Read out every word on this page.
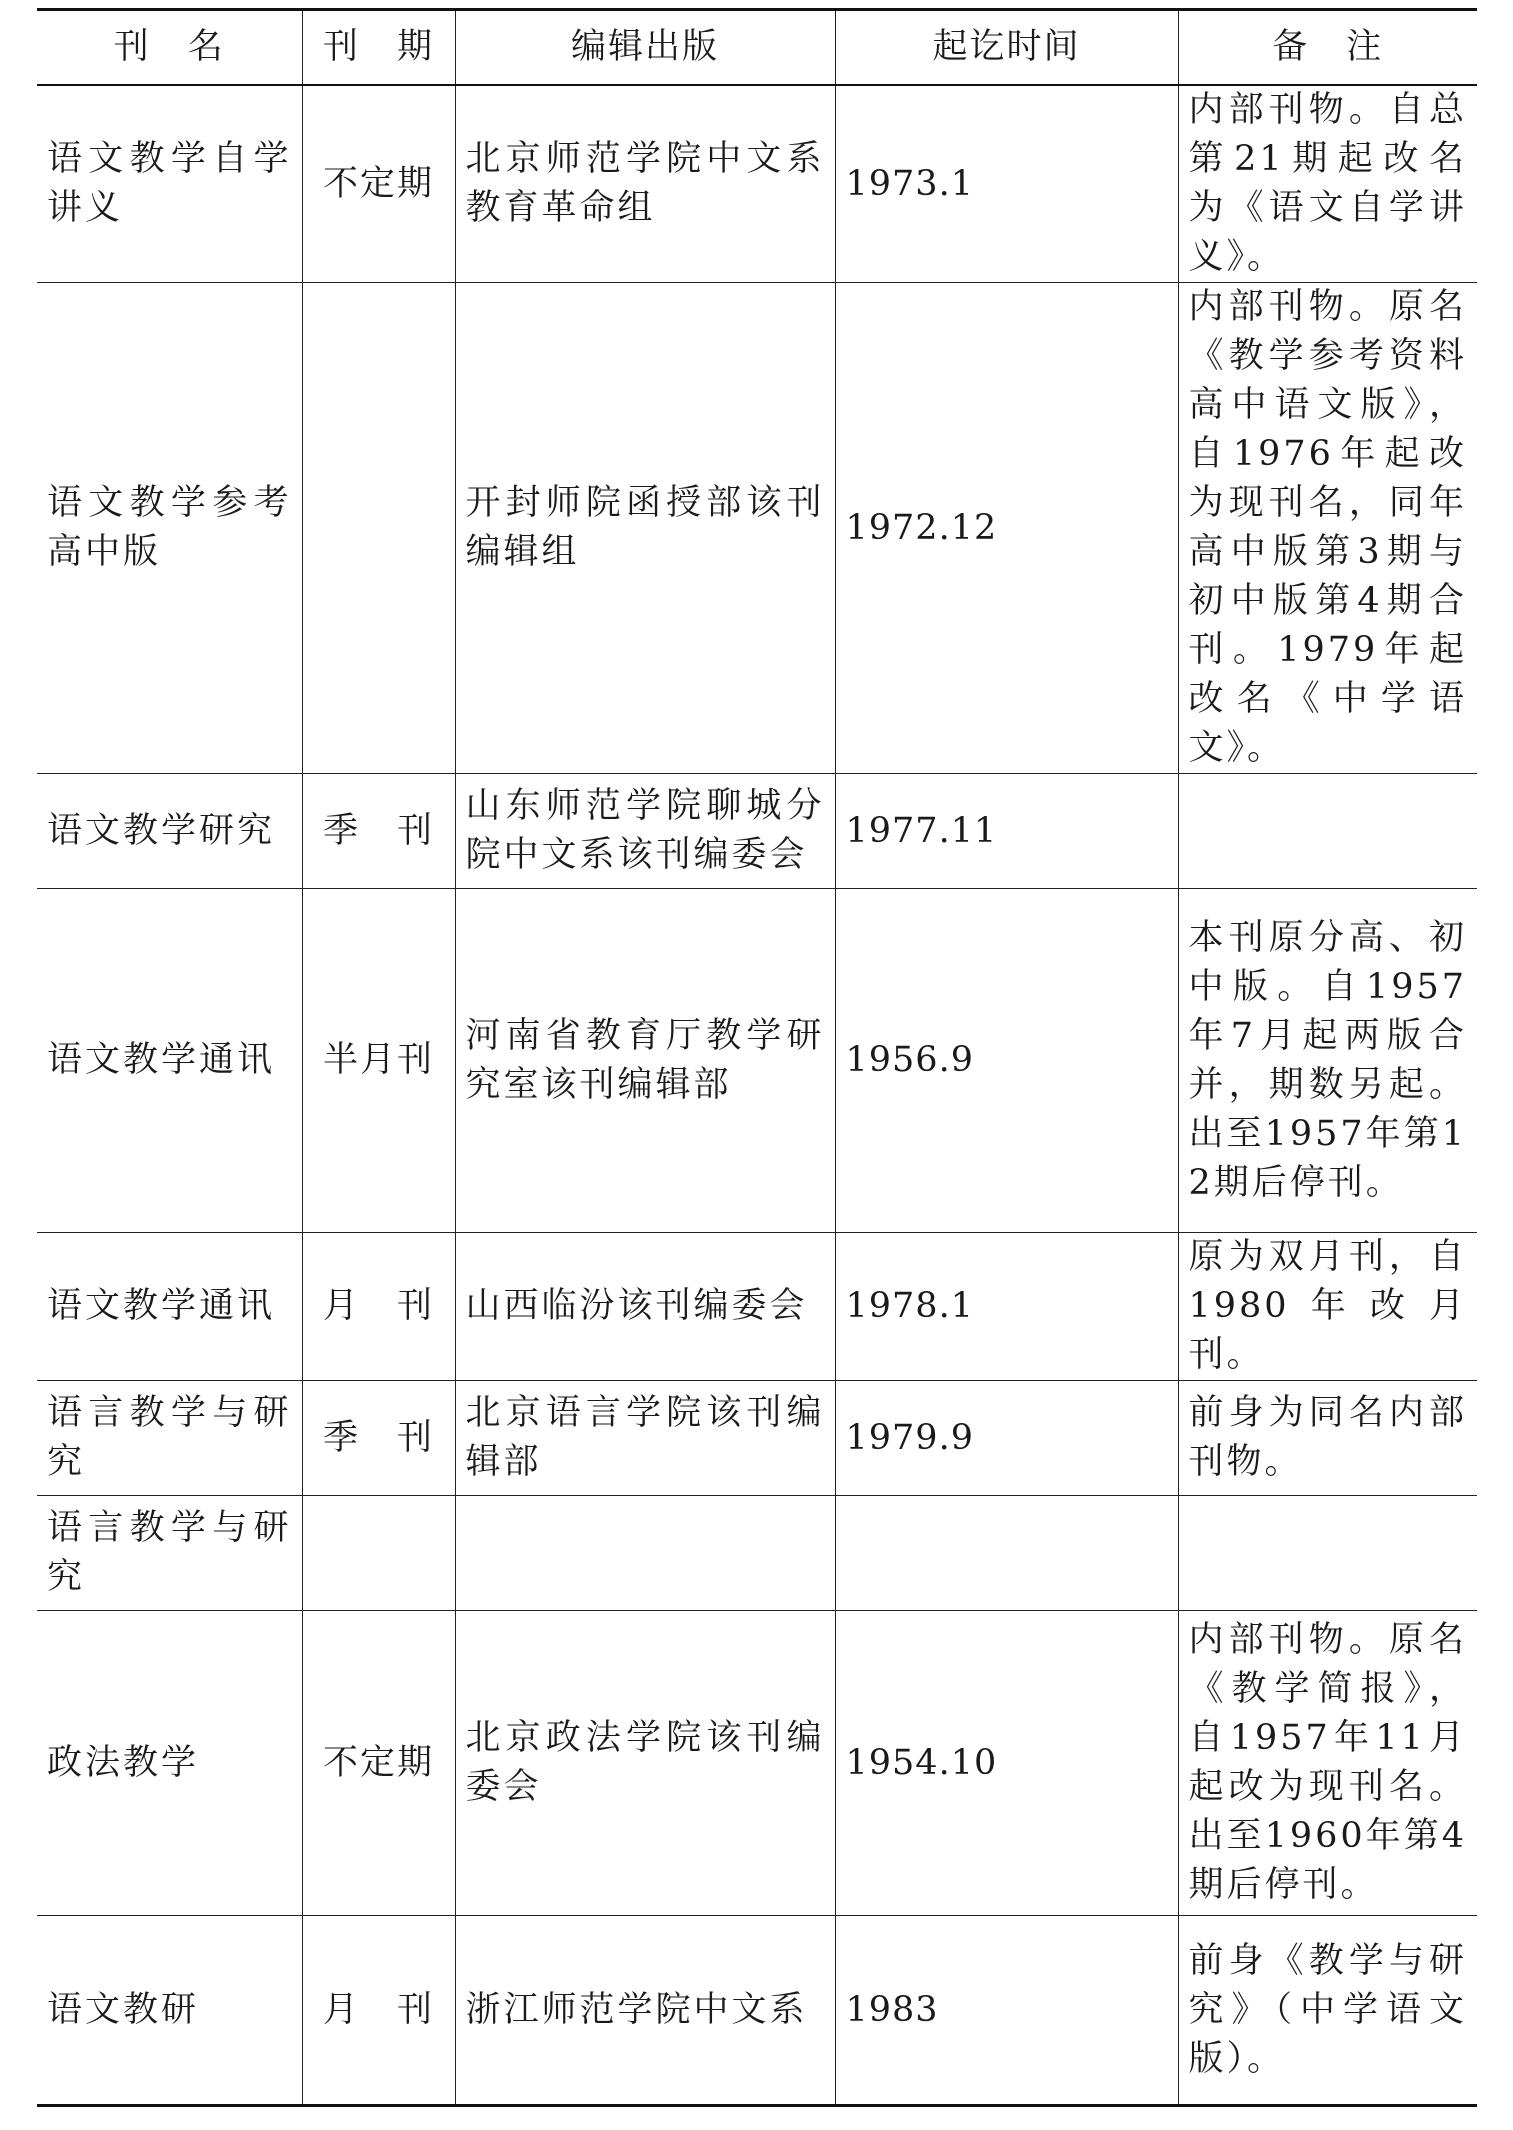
刊　名	刊　期	编辑出版	起讫时间	备　注
语文教学自学讲义	不定期	北京师范学院中文系教育革命组	1973.1	内部刊物。自总第21期起改名为《语文自学讲义》。
语文教学参考高中版		开封师院函授部该刊编辑组	1972.12	内部刊物。原名《教学参考资料高中语文版》，自1976年起改为现刊名，同年高中版第3期与初中版第4期合刊。1979年起改名《中学语文》。
语文教学研究	季　刊	山东师范学院聊城分院中文系该刊编委会	1977.11	
语文教学通讯	半月刊	河南省教育厅教学研究室该刊编辑部	1956.9	本刊原分高、初中版。自1957年7月起两版合并，期数另起。出至1957年第12期后停刊。
语文教学通讯	月　刊	山西临汾该刊编委会	1978.1	原为双月刊，自1980年改月刊。
语言教学与研究	季　刊	北京语言学院该刊编辑部	1979.9	前身为同名内部刊物。
语言教学与研究				
政法教学	不定期	北京政法学院该刊编委会	1954.10	内部刊物。原名《教学简报》，自1957年11月起改为现刊名。出至1960年第4期后停刊。
语文教研	月　刊	浙江师范学院中文系	1983	前身《教学与研究》（中学语文版）。
